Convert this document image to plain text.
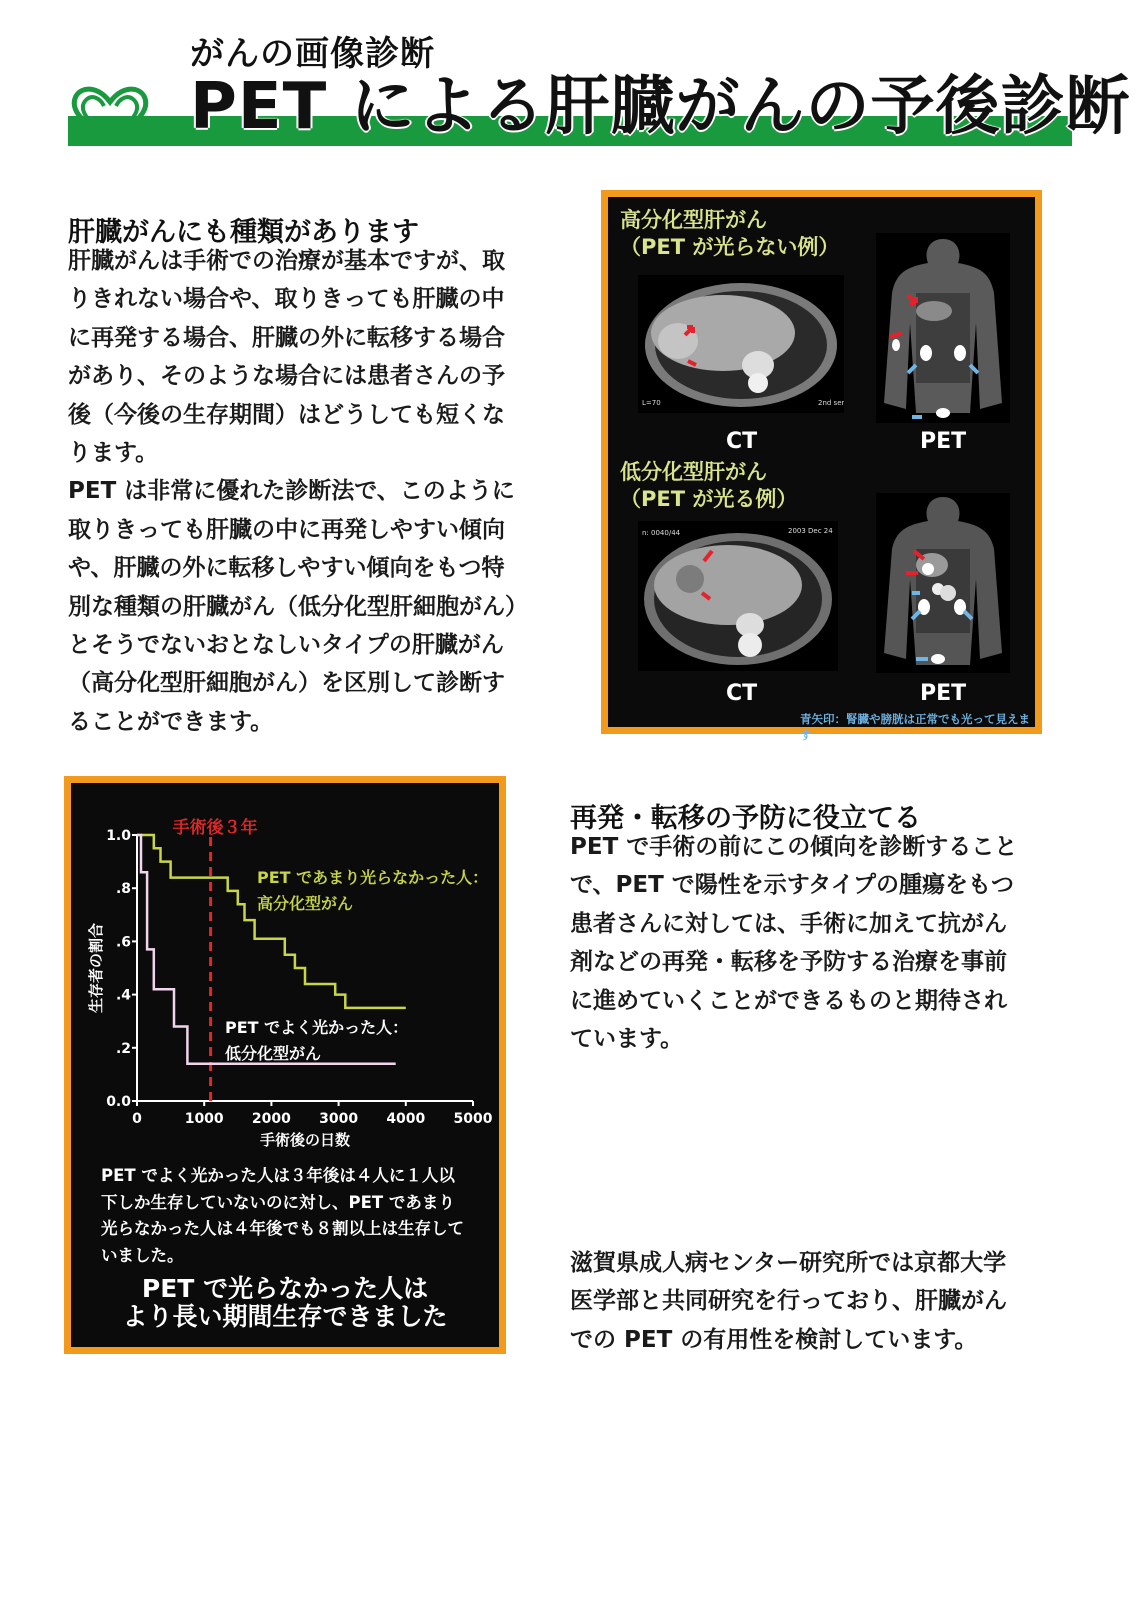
がんの画像診断
PET による肝臓がんの予後診断
肝臓がんにも種類があります
肝臓がんは手術での治療が基本ですが、取
りきれない場合や、取りきっても肝臓の中
に再発する場合、肝臓の外に転移する場合
があり、そのような場合には患者さんの予
後（今後の生存期間）はどうしても短くな
ります。
PET は非常に優れた診断法で、このように
取りきっても肝臓の中に再発しやすい傾向
や、肝臓の外に転移しやすい傾向をもつ特
別な種類の肝臓がん（低分化型肝細胞がん）
とそうでないおとなしいタイプの肝臓がん
（高分化型肝細胞がん）を区別して診断す
ることができます。
高分化型肝がん
（PET が光らない例）
L=70	2nd ser
CT	PET
低分化型肝がん
（PET が光る例）
n: 0040/44	2003 Dec 24
CT	PET
青矢印：腎臓や膀胱は正常でも光って見えます
0.0
.2
.4
.6
.8
1.0
0	1000 2000 3000 4000 5000
手術後の日数
生存者の割合
手術後３年
PET であまり光らなかった人：
高分化型がん
PET でよく光かった人：
低分化型がん
PET でよく光かった人は３年後は４人に１人以
下しか生存していないのに対し、PET であまり
光らなかった人は４年後でも８割以上は生存して
いました。
PET で光らなかった人は
より長い期間生存できました
再発・転移の予防に役立てる
PET で手術の前にこの傾向を診断すること
で、PET で陽性を示すタイプの腫瘍をもつ
患者さんに対しては、手術に加えて抗がん
剤などの再発・転移を予防する治療を事前
に進めていくことができるものと期待され
ています。
滋賀県成人病センター研究所では京都大学
医学部と共同研究を行っており、肝臓がん
での PET の有用性を検討しています。
